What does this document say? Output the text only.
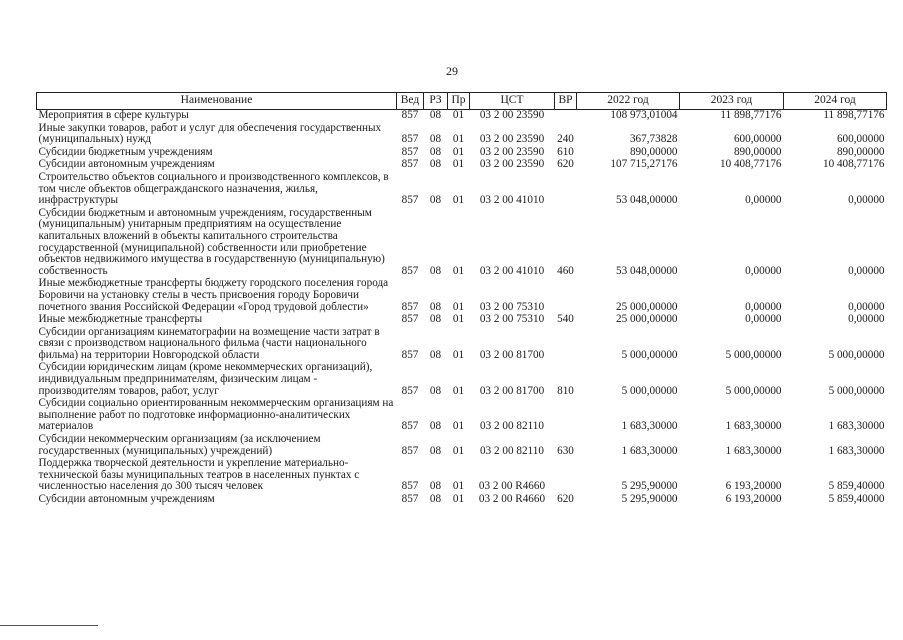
29
Наименование	Вед	РЗ	Пр	ЦСТ	ВР	2022 год	2023 год	2024 год
Мероприятия в сфере культуры	857	08	01	03 2 00 23590		108 973,01004	11 898,77176	11 898,77176
Иные закупки товаров, работ и услуг для обеспечения государственных (муниципальных) нужд	857	08	01	03 2 00 23590	240	367,73828	600,00000	600,00000
Субсидии бюджетным учреждениям	857	08	01	03 2 00 23590	610	890,00000	890,00000	890,00000
Субсидии автономным учреждениям	857	08	01	03 2 00 23590	620	107 715,27176	10 408,77176	10 408,77176
Строительство объектов социального и производственного комплексов, в том числе объектов общегражданского назначения, жилья, инфраструктуры	857	08	01	03 2 00 41010		53 048,00000	0,00000	0,00000
Субсидии бюджетным и автономным учреждениям, государственным (муниципальным) унитарным предприятиям на осуществление капитальных вложений в объекты капитального строительства государственной (муниципальной) собственности или приобретение объектов недвижимого имущества в государственную (муниципальную) собственность	857	08	01	03 2 00 41010	460	53 048,00000	0,00000	0,00000
Иные межбюджетные трансферты бюджету городского поселения города Боровичи на установку стелы в честь присвоения городу Боровичи почетного звания Российской Федерации «Город трудовой доблести»	857	08	01	03 2 00 75310		25 000,00000	0,00000	0,00000
Иные межбюджетные трансферты	857	08	01	03 2 00 75310	540	25 000,00000	0,00000	0,00000
Субсидии организациям кинематографии на возмещение части затрат в связи с производством национального фильма (части национального фильма) на территории Новгородской области	857	08	01	03 2 00 81700		5 000,00000	5 000,00000	5 000,00000
Субсидии юридическим лицам (кроме некоммерческих организаций), индивидуальным предпринимателям, физическим лицам - производителям товаров, работ, услуг	857	08	01	03 2 00 81700	810	5 000,00000	5 000,00000	5 000,00000
Субсидии социально ориентированным некоммерческим организациям на выполнение работ по подготовке информационно-аналитических материалов	857	08	01	03 2 00 82110		1 683,30000	1 683,30000	1 683,30000
Субсидии некоммерческим организациям (за исключением государственных (муниципальных) учреждений)	857	08	01	03 2 00 82110	630	1 683,30000	1 683,30000	1 683,30000
Поддержка творческой деятельности и укрепление материально-технической базы муниципальных театров в населенных пунктах с численностью населения до 300 тысяч человек	857	08	01	03 2 00 R4660		5 295,90000	6 193,20000	5 859,40000
Субсидии автономным учреждениям	857	08	01	03 2 00 R4660	620	5 295,90000	6 193,20000	5 859,40000
